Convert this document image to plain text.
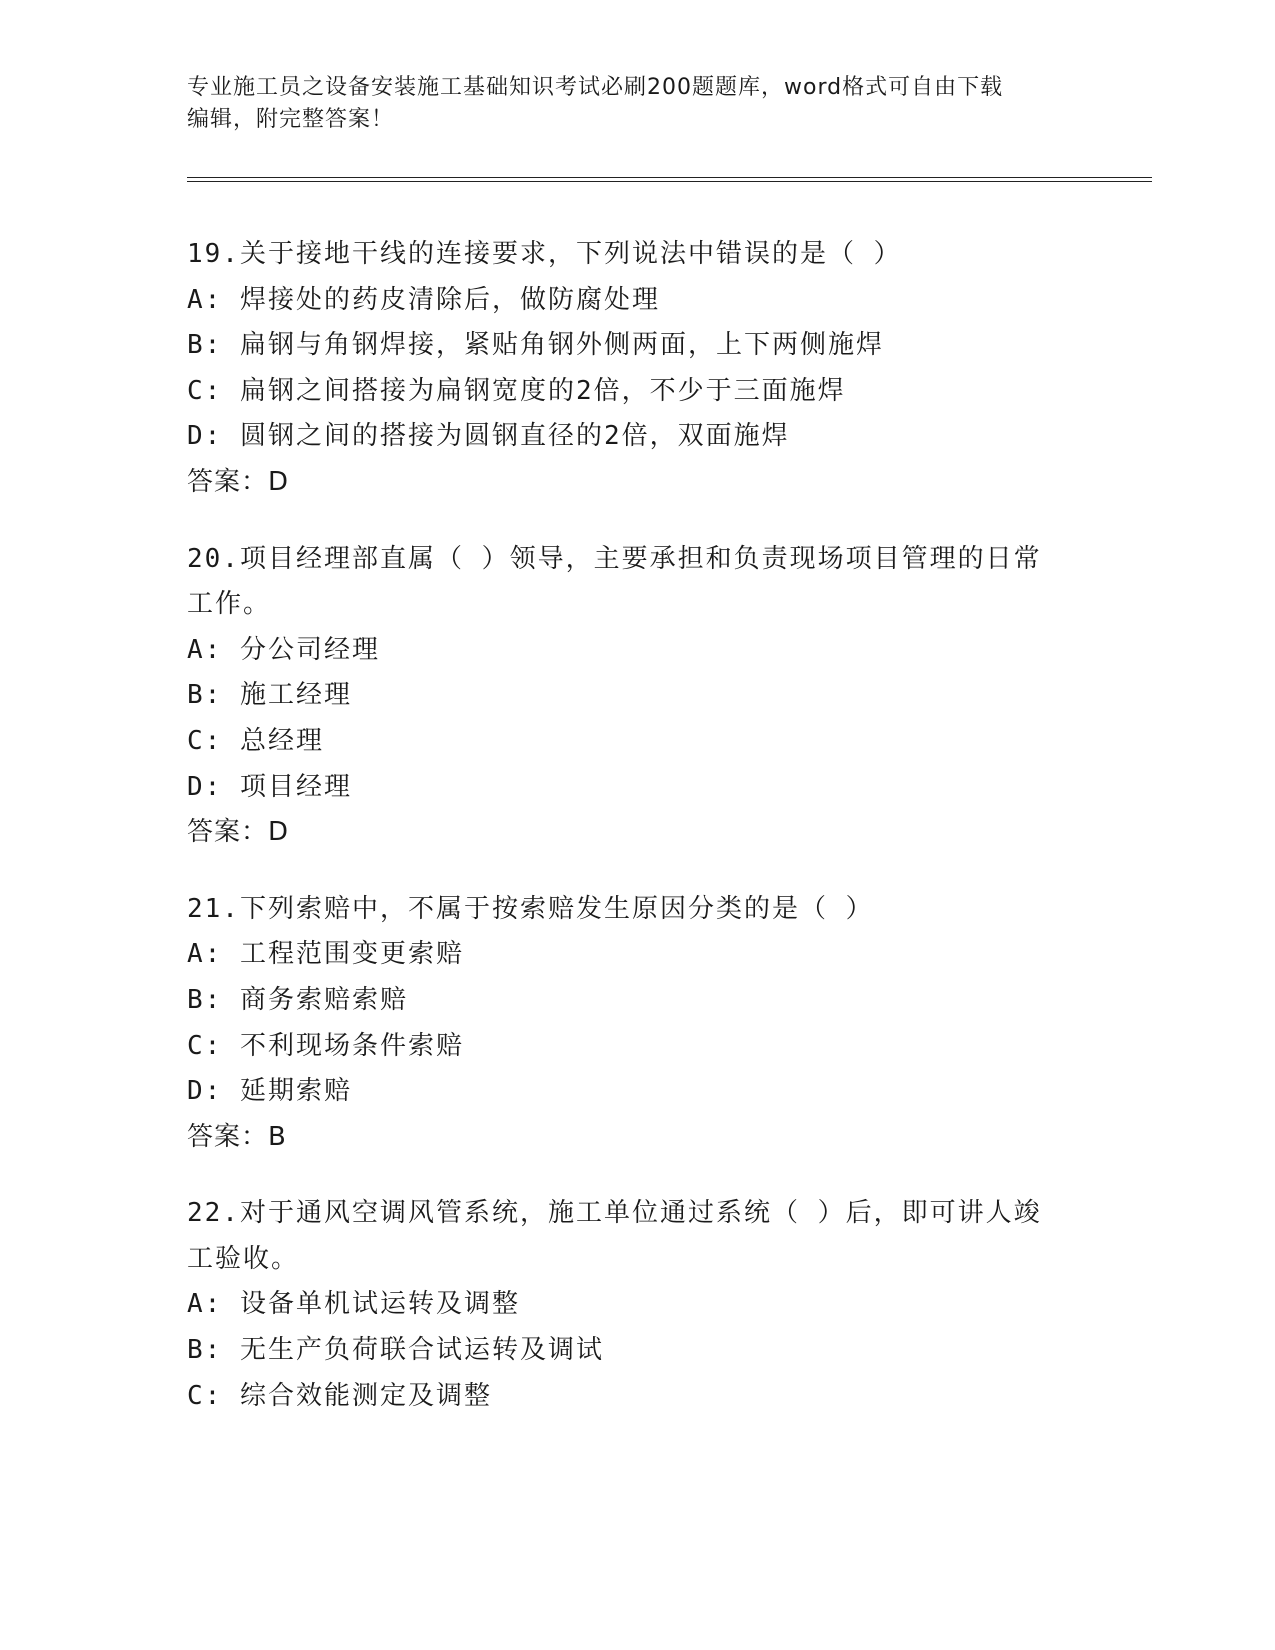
专业施工员之设备安装施工基础知识考试必刷200题题库，word格式可自由下载
编辑，附完整答案！
19.关于接地干线的连接要求，下列说法中错误的是（ ）
A: 焊接处的药皮清除后，做防腐处理
B: 扁钢与角钢焊接，紧贴角钢外侧两面，上下两侧施焊
C: 扁钢之间搭接为扁钢宽度的2倍，不少于三面施焊
D: 圆钢之间的搭接为圆钢直径的2倍，双面施焊
答案：D
20.项目经理部直属（ ）领导，主要承担和负责现场项目管理的日常
工作。
A: 分公司经理
B: 施工经理
C: 总经理
D: 项目经理
答案：D
21.下列索赔中，不属于按索赔发生原因分类的是（ ）
A: 工程范围变更索赔
B: 商务索赔索赔
C: 不利现场条件索赔
D: 延期索赔
答案：B
22.对于通风空调风管系统，施工单位通过系统（ ）后，即可讲人竣
工验收。
A: 设备单机试运转及调整
B: 无生产负荷联合试运转及调试
C: 综合效能测定及调整
